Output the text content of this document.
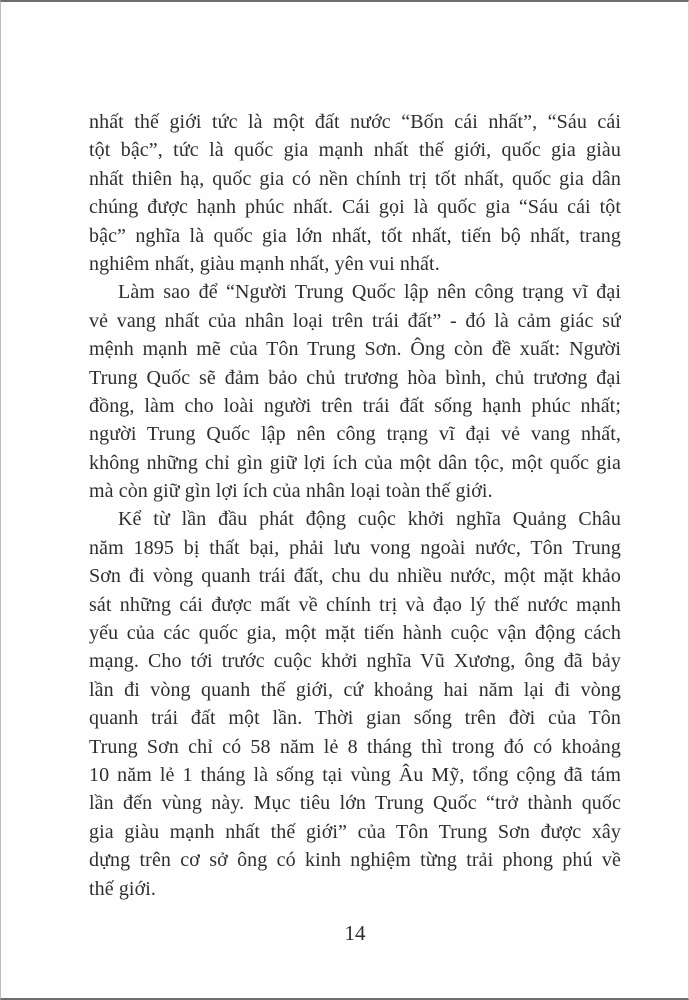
nhất thế giới tức là một đất nước “Bốn cái nhất”, “Sáu cái
tột bậc”, tức là quốc gia mạnh nhất thế giới, quốc gia giàu
nhất thiên hạ, quốc gia có nền chính trị tốt nhất, quốc gia dân
chúng được hạnh phúc nhất. Cái gọi là quốc gia “Sáu cái tột
bậc” nghĩa là quốc gia lớn nhất, tốt nhất, tiến bộ nhất, trang
nghiêm nhất, giàu mạnh nhất, yên vui nhất.
Làm sao để “Người Trung Quốc lập nên công trạng vĩ đại
vẻ vang nhất của nhân loại trên trái đất” - đó là cảm giác sứ
mệnh mạnh mẽ của Tôn Trung Sơn. Ông còn đề xuất: Người
Trung Quốc sẽ đảm bảo chủ trương hòa bình, chủ trương đại
đồng, làm cho loài người trên trái đất sống hạnh phúc nhất;
người Trung Quốc lập nên công trạng vĩ đại vẻ vang nhất,
không những chỉ gìn giữ lợi ích của một dân tộc, một quốc gia
mà còn giữ gìn lợi ích của nhân loại toàn thế giới.
Kể từ lần đầu phát động cuộc khởi nghĩa Quảng Châu
năm 1895 bị thất bại, phải lưu vong ngoài nước, Tôn Trung
Sơn đi vòng quanh trái đất, chu du nhiều nước, một mặt khảo
sát những cái được mất về chính trị và đạo lý thế nước mạnh
yếu của các quốc gia, một mặt tiến hành cuộc vận động cách
mạng. Cho tới trước cuộc khởi nghĩa Vũ Xương, ông đã bảy
lần đi vòng quanh thế giới, cứ khoảng hai năm lại đi vòng
quanh trái đất một lần. Thời gian sống trên đời của Tôn
Trung Sơn chỉ có 58 năm lẻ 8 tháng thì trong đó có khoảng
10 năm lẻ 1 tháng là sống tại vùng Âu Mỹ, tổng cộng đã tám
lần đến vùng này. Mục tiêu lớn Trung Quốc “trở thành quốc
gia giàu mạnh nhất thế giới” của Tôn Trung Sơn được xây
dựng trên cơ sở ông có kinh nghiệm từng trải phong phú về
thế giới.
14
